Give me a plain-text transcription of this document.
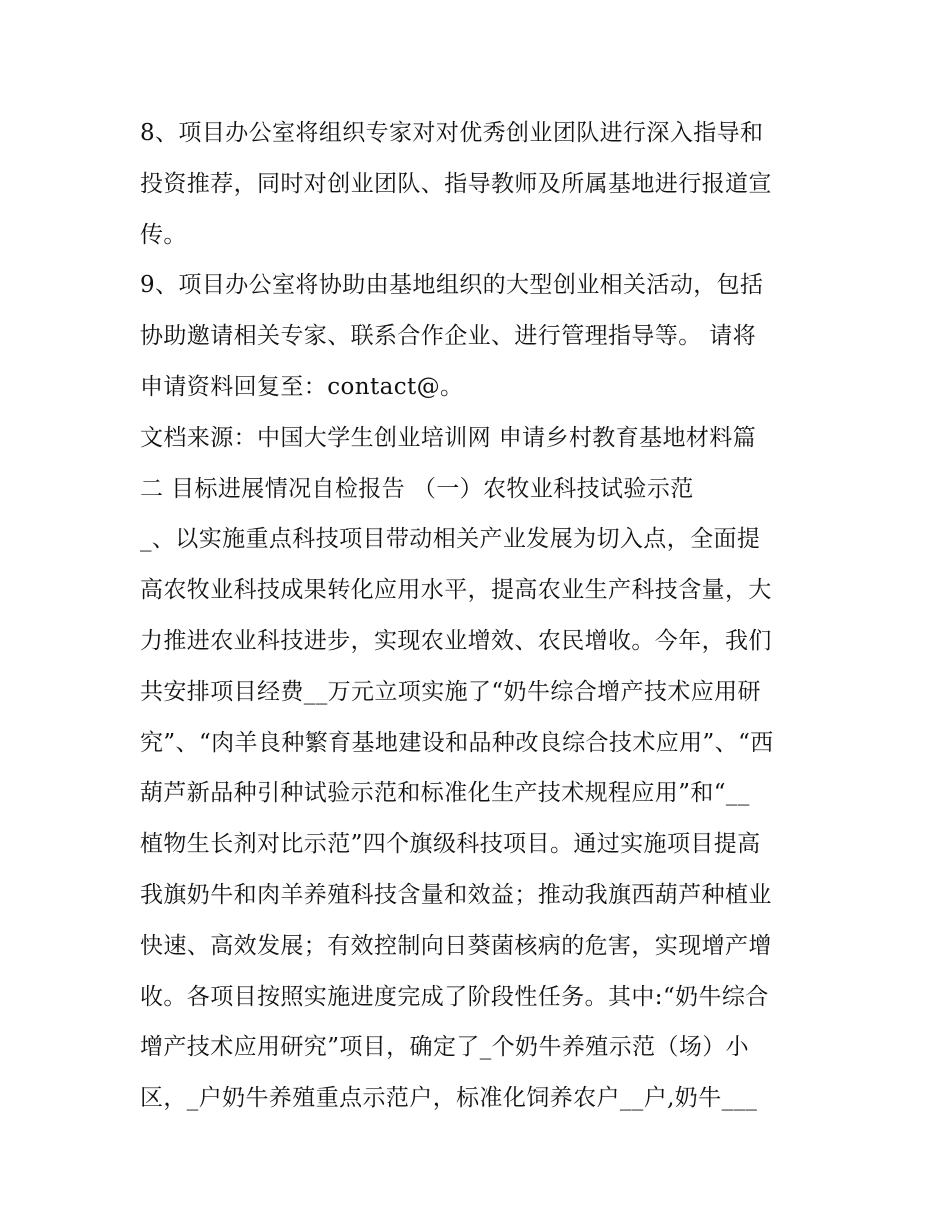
8、项目办公室将组织专家对对优秀创业团队进行深入指导和
投资推荐，同时对创业团队、指导教师及所属基地进行报道宣
传。
9、项目办公室将协助由基地组织的大型创业相关活动，包括
协助邀请相关专家、联系合作企业、进行管理指导等。 请将
申请资料回复至：contact@。
文档来源：中国大学生创业培训网 申请乡村教育基地材料篇
二 目标进展情况自检报告 （一）农牧业科技试验示范
_、以实施重点科技项目带动相关产业发展为切入点，全面提
高农牧业科技成果转化应用水平，提高农业生产科技含量，大
力推进农业科技进步，实现农业增效、农民增收。今年，我们
共安排项目经费__万元立项实施了“奶牛综合增产技术应用研
究”、“肉羊良种繁育基地建设和品种改良综合技术应用”、“西
葫芦新品种引种试验示范和标准化生产技术规程应用”和“__
植物生长剂对比示范”四个旗级科技项目。通过实施项目提高
我旗奶牛和肉羊养殖科技含量和效益；推动我旗西葫芦种植业
快速、高效发展；有效控制向日葵菌核病的危害，实现增产增
收。各项目按照实施进度完成了阶段性任务。其中:“奶牛综合
增产技术应用研究”项目，确定了_个奶牛养殖示范（场）小
区，_户奶牛养殖重点示范户，标准化饲养农户__户,奶牛___
